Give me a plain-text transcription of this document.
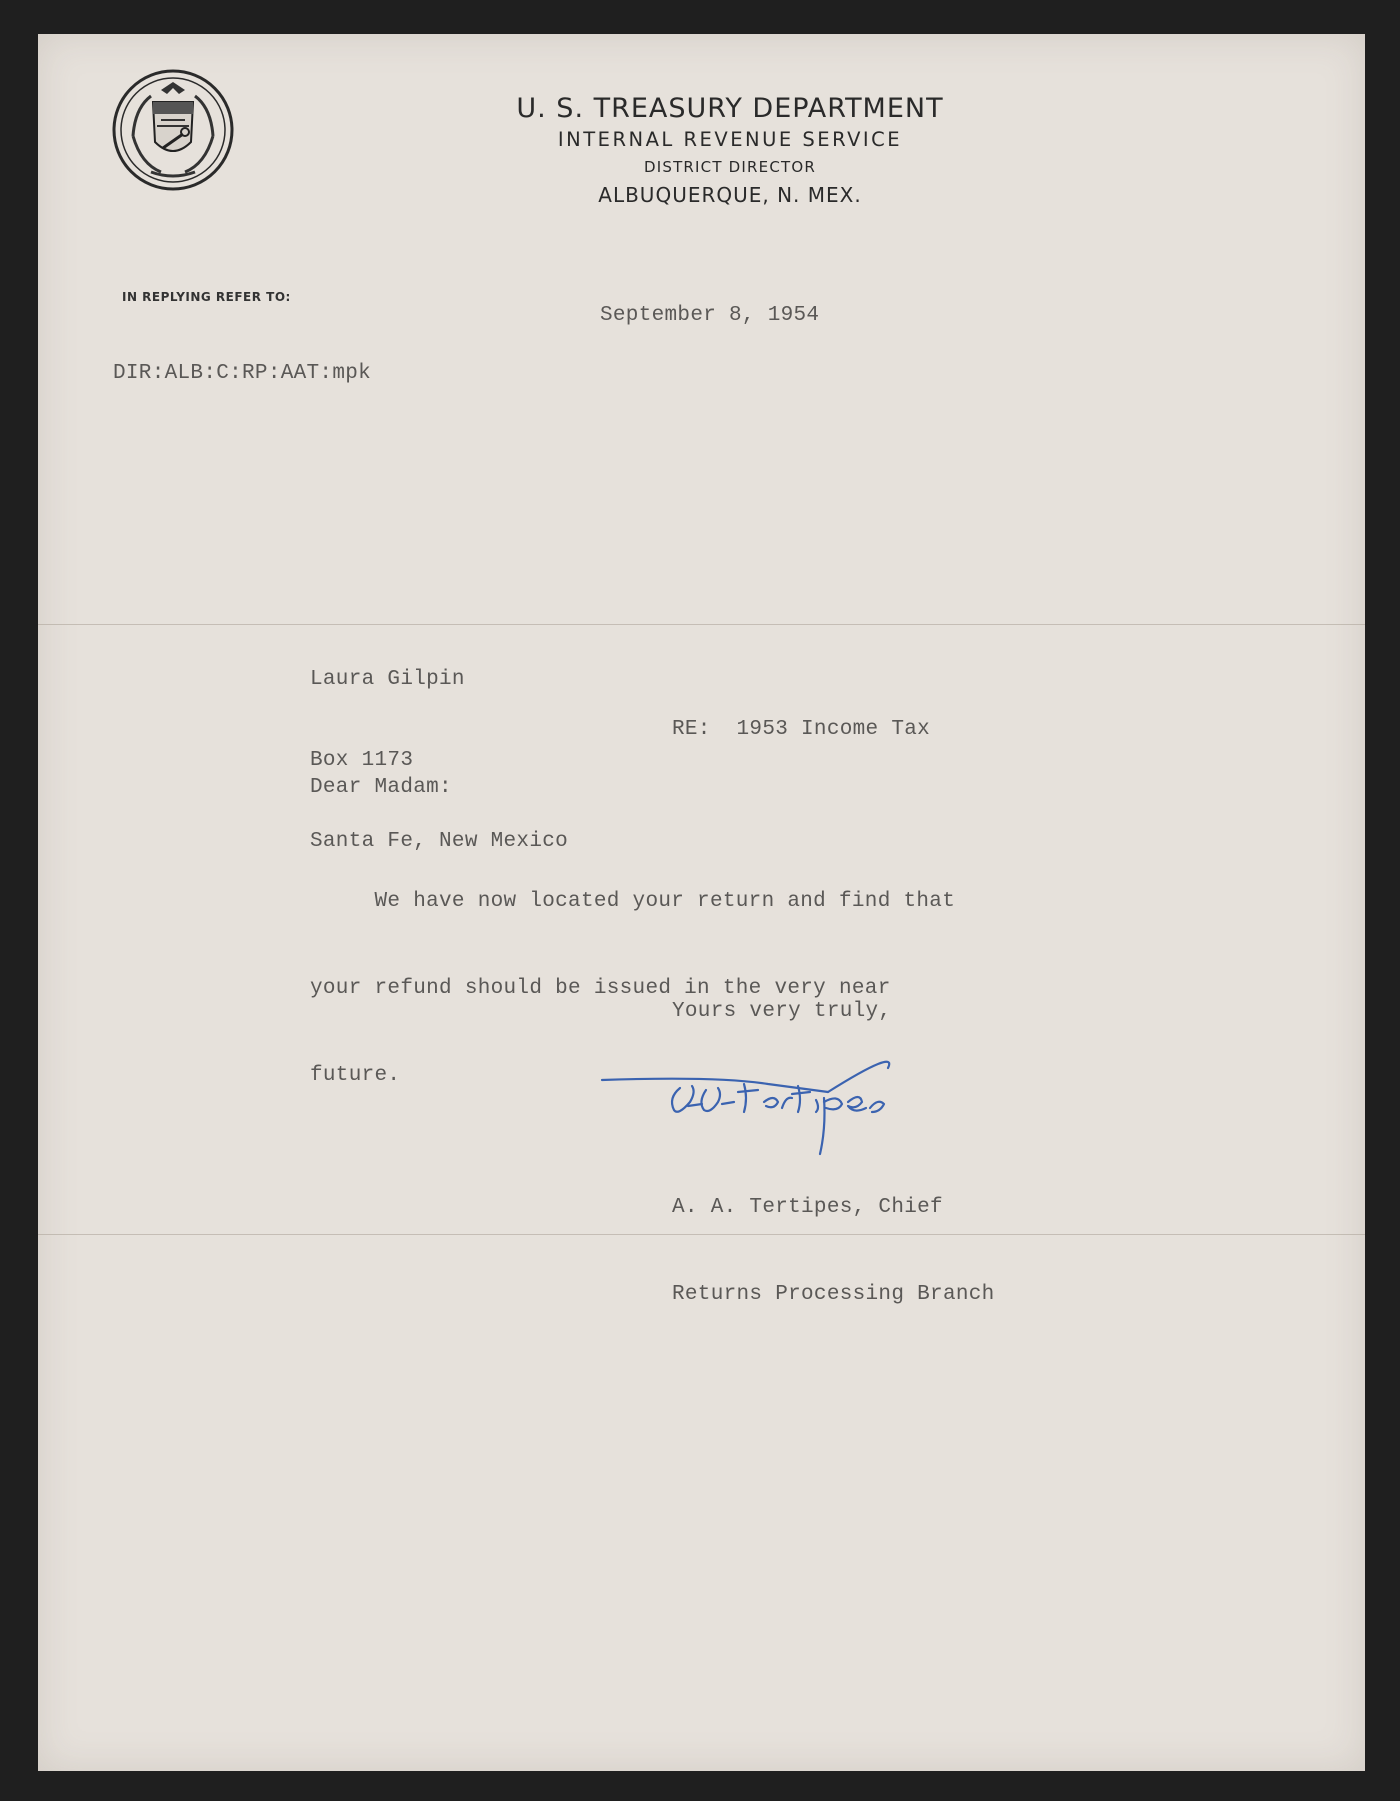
U. S. TREASURY DEPARTMENT
INTERNAL REVENUE SERVICE
DISTRICT DIRECTOR
ALBUQUERQUE, N. MEX.
IN REPLYING REFER TO:
September 8, 1954
DIR:ALB:C:RP:AAT:mpk

Laura Gilpin

Box 1173

Santa Fe, New Mexico

RE:  1953 Income Tax
Dear Madam:

We have now located your return and find that

your refund should be issued in the very near

future.

Yours very truly,

A. A. Tertipes, Chief

Returns Processing Branch
